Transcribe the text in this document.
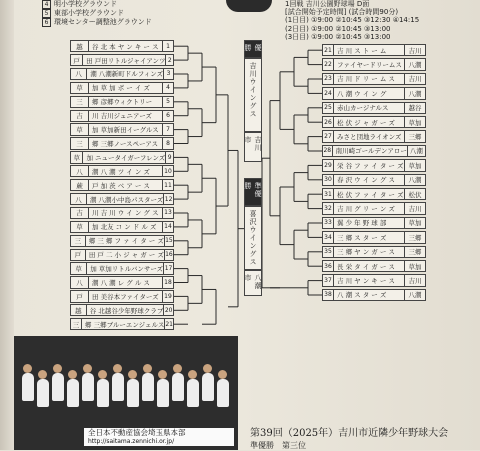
4 明小学校グラウンド
5 東部小学校グラウンド
6 環境センター調整池グラウンド
1回戦 吉川公園野球場 D面
[試合開始予定時間] (試合時間90分)
(1日目) ①9:00 ②10:45 ③12:30 ④14:15
(2日目) ①9:00 ②10:45 ③13:00
(3日目) ①9:00 ②10:45 ③13:00
越	谷 北 本 ヤ ン キ ー ス	1
戸 田 戸田リトルジャイアンツ 2
八	潮 八潮新町ドルフィンズ 3
草	加 草 加 ボ ー イ ズ	4
三	郷 彦郷ウィクトリー	5
吉	川 吉川ジュニアーズ	6
草	加 草加新田イーグルス	7
三	郷 三郷ノースペーアス	8
草 加 ニュータイガーフレンズ 9
八	潮 八 潮 ツ イ ン ズ	10
蕨	戸 加 茨 ベ ア ー ス	11
八	潮 八潮小中島パスターズ 12
吉	川 吉 川 ウ イ ン グ ス 13
草	加 北友 コ ン ド ル ズ	14
三	郷 三 郷 フ ァ イ タ ー ズ 15
戸	田 戸 二 小 ジ ャ ガ ー ズ 16
草	加 草加リトルバンサーズ 17
八	潮 八 潮 レ グ ル ス	18
戸	田 美谷本ファイターズ 19
越	谷 北越谷少年野球クラブ 20
三 郷 三郷ブルーエンジェルス 21
21 吉 川 ス ト ー ム	吉川
22 ファイヤードリームス	八潮
23 吉 川 ド リ ー ム ス	吉川
24 八 潮 ウ イ ン グ	八潮
25 赤山カージナルス	越谷
26 松 伏 ジ ャ ガ ー ズ	草加
27 みさと団地ライオンズ	三郷
28 南川崎ゴールデンアロー 八潮
29 栄 谷 フ ァ イ タ ー ズ 草加
30 春 沢 ウ イ ン グ ス	八潮
31 松 伏 フ ァ イ タ ー ズ 松伏
32 吉 川 グ リ ー ン ズ	吉川
33 翼 少 年 野 球 部	草加
34 三 郷 ス タ ー ズ	三郷
35 三 郷 ヤ ン ガ ー ス	三郷
36 長 栄 タ イ ガ ー ス	草加
37 吉 川 ヤ ン キ ー ス	吉川
38 八 潮 ス タ ー ズ	八潮
優勝
吉川ウイングス
吉川市
準優勝
喜沢ウイングス
八潮市
全日本不動産協会埼玉県本部
http://saitama.zennichi.or.jp/
第39回（2025年）吉川市近隣少年野球大会
準優勝　第三位
